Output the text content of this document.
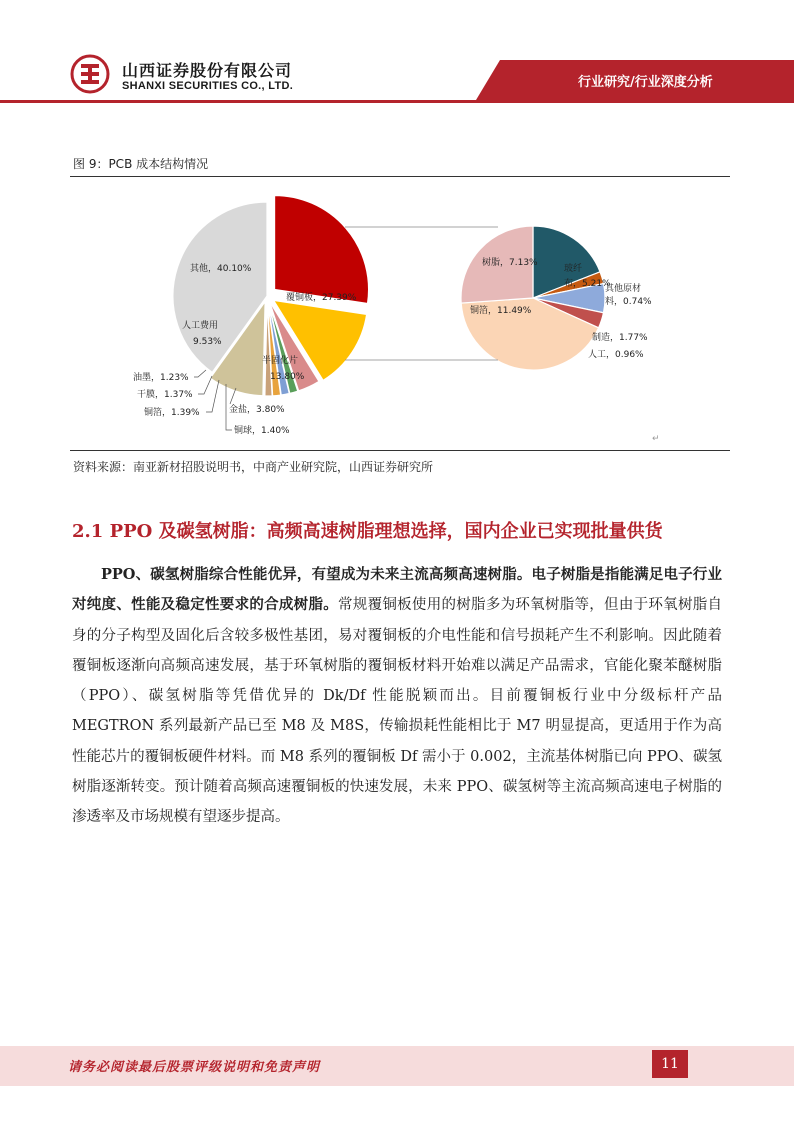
山西证券股份有限公司
SHANXI SECURITIES CO., LTD.	行业研究/行业深度分析
图 9：PCB 成本结构情况
其他，40.10%
覆铜板，27.39%
半固化片
13.80%
人工费用
9.53%
油墨，1.23%
干膜，1.37%
铜箔，1.39%	金盐，3.80%
铜球，1.40%
树脂，7.13%
玻纤
布，5.21%
其他原材
料，0.74%
制造，1.77%
人工，0.96%
铜箔，11.49%
↵
资料来源：南亚新材招股说明书，中商产业研究院，山西证券研究所
2.1 PPO 及碳氢树脂：高频高速树脂理想选择，国内企业已实现批量供货
PPO、碳氢树脂综合性能优异，有望成为未来主流高频高速树脂。电子树脂是指能满足电子行业对纯度、性能及稳定性要求的合成树脂。常规覆铜板使用的树脂多为环氧树脂等，但由于环氧树脂自身的分子构型及固化后含较多极性基团，易对覆铜板的介电性能和信号损耗产生不利影响。因此随着覆铜板逐渐向高频高速发展，基于环氧树脂的覆铜板材料开始难以满足产品需求，官能化聚苯醚树脂（PPO）、碳氢树脂等凭借优异的 Dk/Df 性能脱颖而出。目前覆铜板行业中分级标杆产品 MEGTRON 系列最新产品已至 M8 及 M8S，传输损耗性能相比于 M7 明显提高，更适用于作为高性能芯片的覆铜板硬件材料。而 M8 系列的覆铜板 Df 需小于 0.002，主流基体树脂已向 PPO、碳氢树脂逐渐转变。预计随着高频高速覆铜板的快速发展，未来 PPO、碳氢树等主流高频高速电子树脂的渗透率及市场规模有望逐步提高。
请务必阅读最后股票评级说明和免责声明	11
